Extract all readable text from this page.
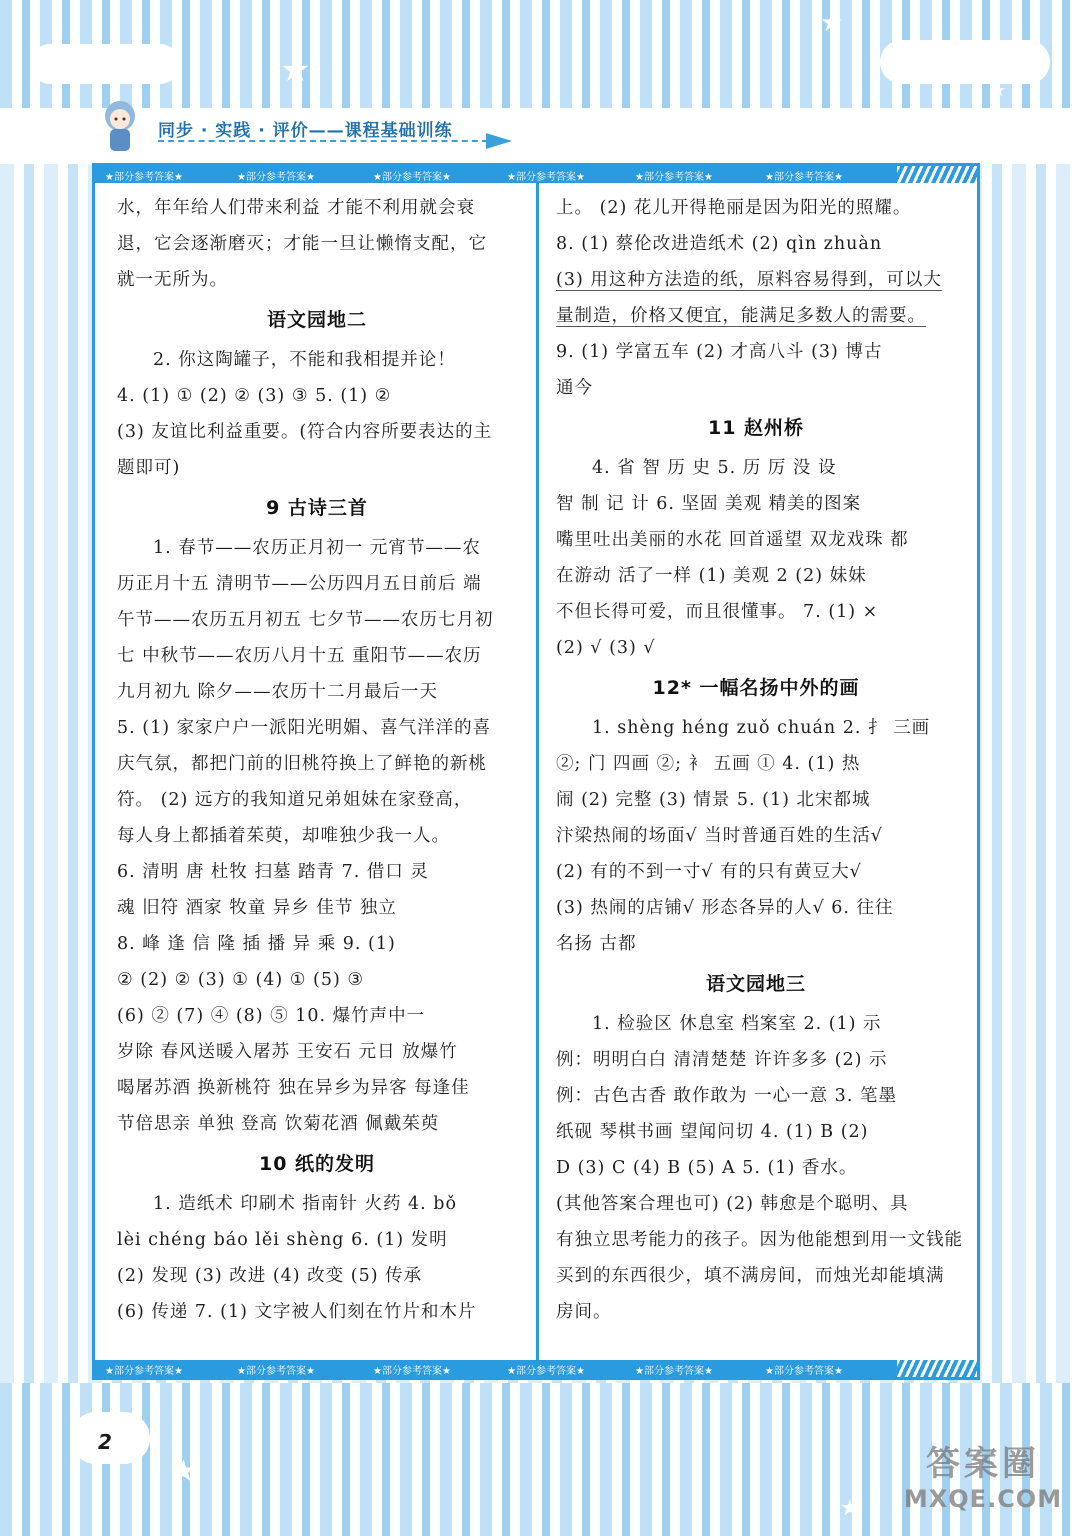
★
★
★
同步 · 实践 · 评价——课程基础训练
★部分参考答案★	★部分参考答案★	★部分参考答案★	★部分参考答案★	★部分参考答案★	★部分参考答案★
水，年年给人们带来利益 才能不利用就会衰
退，它会逐渐磨灭；才能一旦让懒惰支配，它
就一无所为。
语文园地二
2. 你这陶罐子，不能和我相提并论！
4. (1) ① (2) ② (3) ③ 5. (1) ②
(3) 友谊比利益重要。(符合内容所要表达的主
题即可)
9 古诗三首
1. 春节——农历正月初一 元宵节——农
历正月十五 清明节——公历四月五日前后 端
午节——农历五月初五 七夕节——农历七月初
七 中秋节——农历八月十五 重阳节——农历
九月初九 除夕——农历十二月最后一天
5. (1) 家家户户一派阳光明媚、喜气洋洋的喜
庆气氛，都把门前的旧桃符换上了鲜艳的新桃
符。 (2) 远方的我知道兄弟姐妹在家登高，
每人身上都插着茱萸，却唯独少我一人。
6. 清明 唐 杜牧 扫墓 踏青 7. 借口 灵
魂 旧符 酒家 牧童 异乡 佳节 独立
8. 峰 逢 信 隆 插 播 异 乘 9. (1)
② (2) ② (3) ① (4) ① (5) ③
(6) ② (7) ④ (8) ⑤ 10. 爆竹声中一
岁除 春风送暖入屠苏 王安石 元日 放爆竹
喝屠苏酒 换新桃符 独在异乡为异客 每逢佳
节倍思亲 单独 登高 饮菊花酒 佩戴茱萸
10 纸的发明
1. 造纸术 印刷术 指南针 火药 4. bǒ
lèi chéng báo lěi shèng 6. (1) 发明
(2) 发现 (3) 改进 (4) 改变 (5) 传承
(6) 传递 7. (1) 文字被人们刻在竹片和木片
上。 (2) 花儿开得艳丽是因为阳光的照耀。
8. (1) 蔡伦改进造纸术 (2) qìn zhuàn
(3) 用这种方法造的纸，原料容易得到，可以大
量制造，价格又便宜，能满足多数人的需要。
9. (1) 学富五车 (2) 才高八斗 (3) 博古
通今
11 赵州桥
4. 省 智 历 史 5. 历 厉 没 设
智 制 记 计 6. 坚固 美观 精美的图案
嘴里吐出美丽的水花 回首遥望 双龙戏珠 都
在游动 活了一样 (1) 美观 2 (2) 妹妹
不但长得可爱，而且很懂事。 7. (1) ×
(2) √ (3) √
12* 一幅名扬中外的画
1. shèng héng zuǒ chuán 2. 扌 三画
②; 门 四画 ②; 衤 五画 ① 4. (1) 热
闹 (2) 完整 (3) 情景 5. (1) 北宋都城
汴梁热闹的场面√ 当时普通百姓的生活√
(2) 有的不到一寸√ 有的只有黄豆大√
(3) 热闹的店铺√ 形态各异的人√ 6. 往往
名扬 古都
语文园地三
1. 检验区 休息室 档案室 2. (1) 示
例：明明白白 清清楚楚 许许多多 (2) 示
例：古色古香 敢作敢为 一心一意 3. 笔墨
纸砚 琴棋书画 望闻问切 4. (1) B (2)
D (3) C (4) B (5) A 5. (1) 香水。
(其他答案合理也可) (2) 韩愈是个聪明、具
有独立思考能力的孩子。因为他能想到用一文钱能
买到的东西很少，填不满房间，而烛光却能填满
房间。
★部分参考答案★	★部分参考答案★	★部分参考答案★	★部分参考答案★	★部分参考答案★	★部分参考答案★
★
★
2
答案圈
MXQE.COM
